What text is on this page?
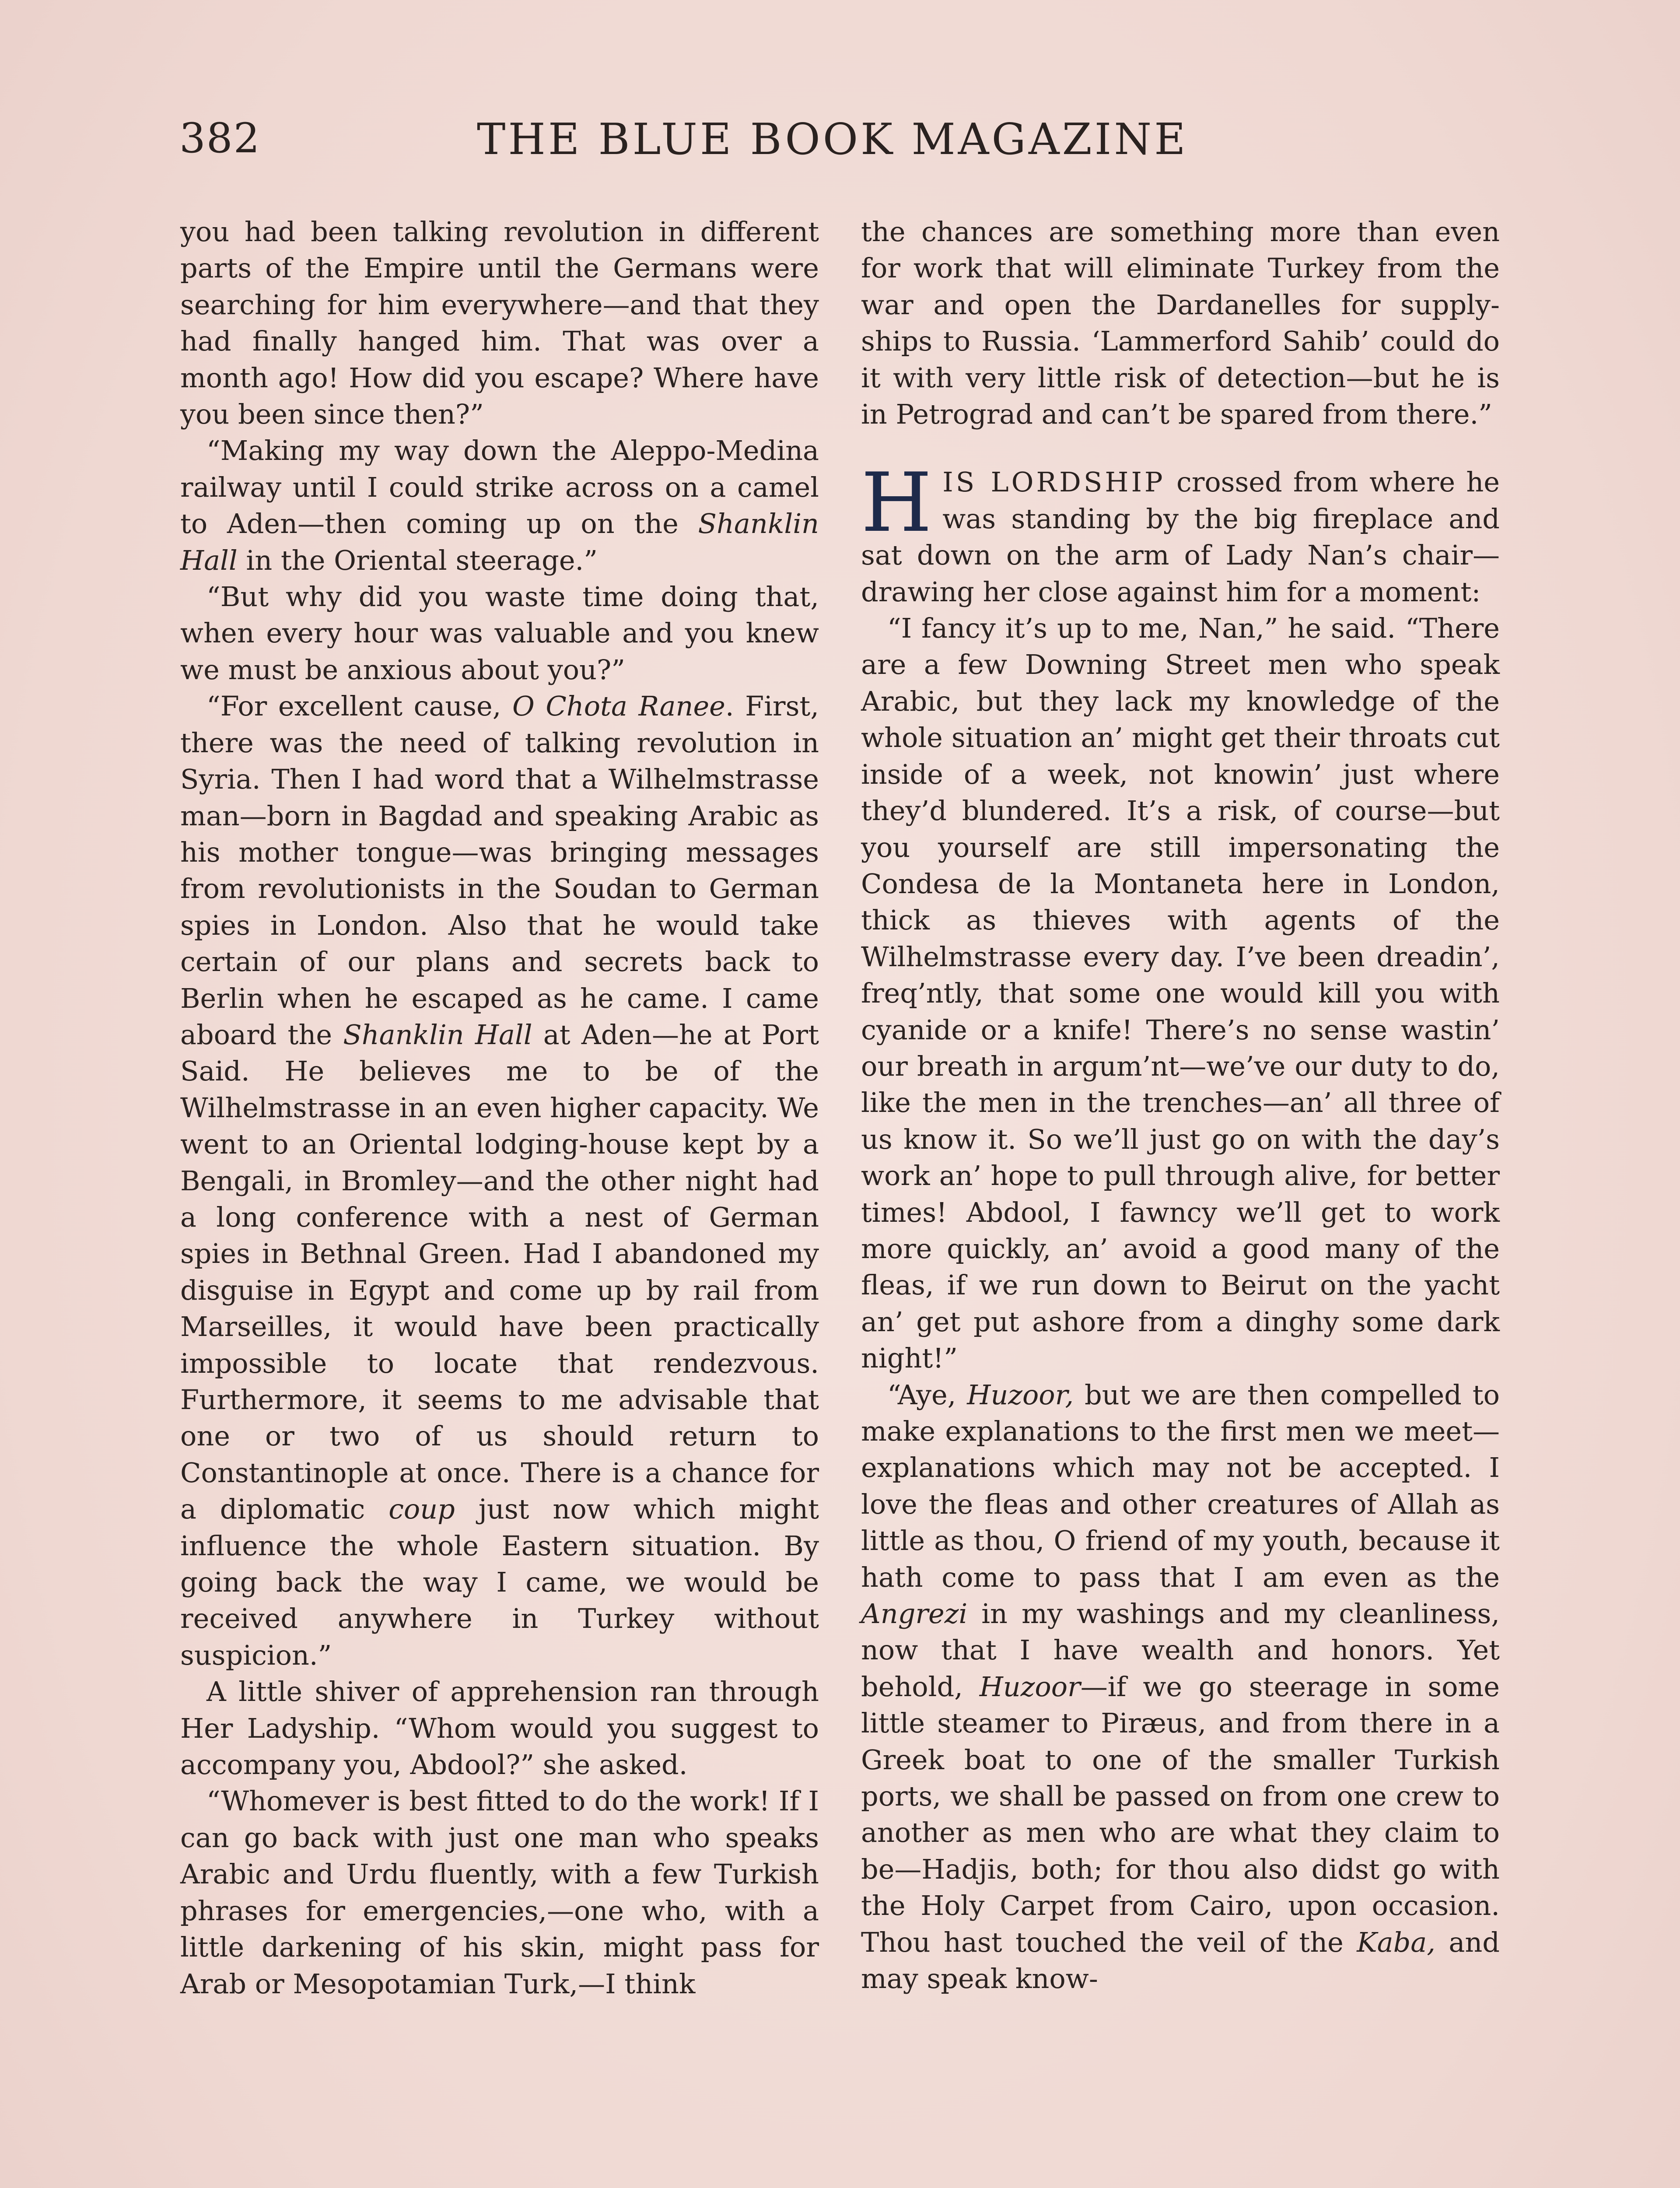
382	THE BLUE BOOK MAGAZINE

you had been talking revolution in different parts of the Empire until the Germans were searching for him everywhere—and that they had finally hanged him. That was over a month ago! How did you escape? Where have you been since then?”

“Making my way down the Aleppo-Medina railway until I could strike across on a camel to Aden—then coming up on the Shanklin Hall in the Oriental steerage.”

“But why did you waste time doing that, when every hour was valuable and you knew we must be anxious about you?”

“For excellent cause, O Chota Ranee. First, there was the need of talking revolution in Syria. Then I had word that a Wilhelmstrasse man—born in Bagdad and speaking Arabic as his mother tongue—was bringing messages from revolutionists in the Soudan to German spies in London. Also that he would take certain of our plans and secrets back to Berlin when he escaped as he came. I came aboard the Shanklin Hall at Aden—he at Port Said. He believes me to be of the Wilhelmstrasse in an even higher capacity. We went to an Oriental lodging-house kept by a Bengali, in Bromley—and the other night had a long conference with a nest of German spies in Bethnal Green. Had I abandoned my disguise in Egypt and come up by rail from Marseilles, it would have been practically impossible to locate that rendezvous. Furthermore, it seems to me advisable that one or two of us should return to Constantinople at once. There is a chance for a diplomatic coup just now which might influence the whole Eastern situation. By going back the way I came, we would be received anywhere in Turkey without suspicion.”

A little shiver of apprehension ran through Her Ladyship. “Whom would you suggest to accompany you, Abdool?” she asked.

“Whomever is best fitted to do the work! If I can go back with just one man who speaks Arabic and Urdu fluently, with a few Turkish phrases for emergencies,—one who, with a little darkening of his skin, might pass for Arab or Mesopotamian Turk,—I think

the chances are something more than even for work that will eliminate Turkey from the war and open the Dardanelles for supply-ships to Russia. ‘Lammerford Sahib’ could do it with very little risk of detection—but he is in Petrograd and can’t be spared from there.”

HIS LORDSHIP crossed from where he was standing by the big fireplace and sat down on the arm of Lady Nan’s chair—drawing her close against him for a moment:

“I fancy it’s up to me, Nan,” he said. “There are a few Downing Street men who speak Arabic, but they lack my knowledge of the whole situation an’ might get their throats cut inside of a week, not knowin’ just where they’d blundered. It’s a risk, of course—but you yourself are still impersonating the Condesa de la Montaneta here in London, thick as thieves with agents of the Wilhelmstrasse every day. I’ve been dreadin’, freq’ntly, that some one would kill you with cyanide or a knife! There’s no sense wastin’ our breath in argum’nt—we’ve our duty to do, like the men in the trenches—an’ all three of us know it. So we’ll just go on with the day’s work an’ hope to pull through alive, for better times! Abdool, I fawncy we’ll get to work more quickly, an’ avoid a good many of the fleas, if we run down to Beirut on the yacht an’ get put ashore from a dinghy some dark night!”

“Aye, Huzoor, but we are then compelled to make explanations to the first men we meet—explanations which may not be accepted. I love the fleas and other creatures of Allah as little as thou, O friend of my youth, because it hath come to pass that I am even as the Angrezi in my washings and my cleanliness, now that I have wealth and honors. Yet behold, Huzoor—if we go steerage in some little steamer to Piræus, and from there in a Greek boat to one of the smaller Turkish ports, we shall be passed on from one crew to another as men who are what they claim to be—Hadjis, both; for thou also didst go with the Holy Carpet from Cairo, upon occasion. Thou hast touched the veil of the Kaba, and may speak know-
